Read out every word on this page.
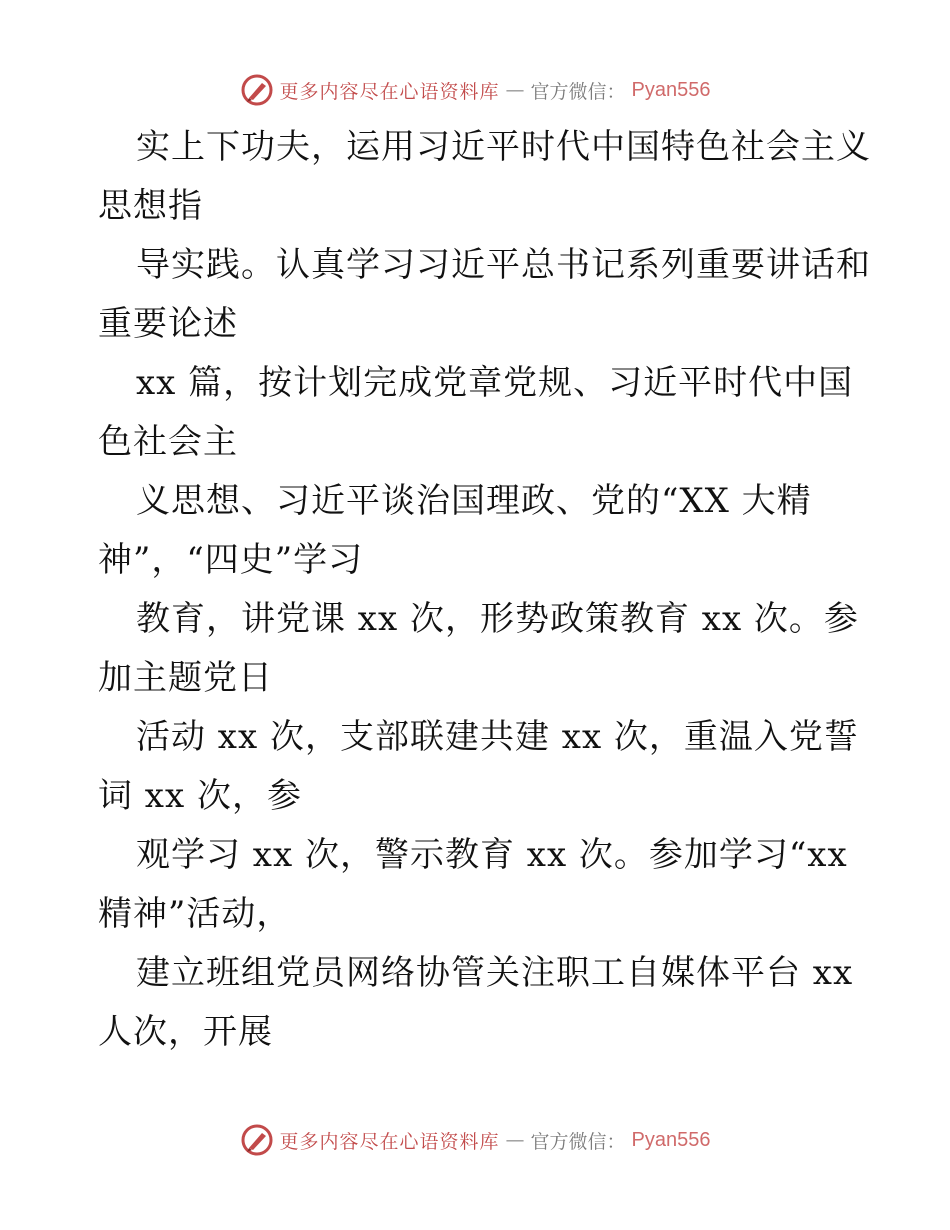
更多内容尽在心语资料库 — 官方微信： Pyan556
实上下功夫，运用习近平时代中国特色社会主义
思想指
导实践。认真学习习近平总书记系列重要讲话和
重要论述
xx 篇，按计划完成党章党规、习近平时代中国
色社会主
义思想、习近平谈治国理政、党的“XX 大精
神”，“四史”学习
教育，讲党课 xx 次，形势政策教育 xx 次。参
加主题党日
活动 xx 次，支部联建共建 xx 次，重温入党誓
词 xx 次，参
观学习 xx 次，警示教育 xx 次。参加学习“xx
精神”活动，
建立班组党员网络协管关注职工自媒体平台 xx
人次，开展
更多内容尽在心语资料库 — 官方微信： Pyan556
